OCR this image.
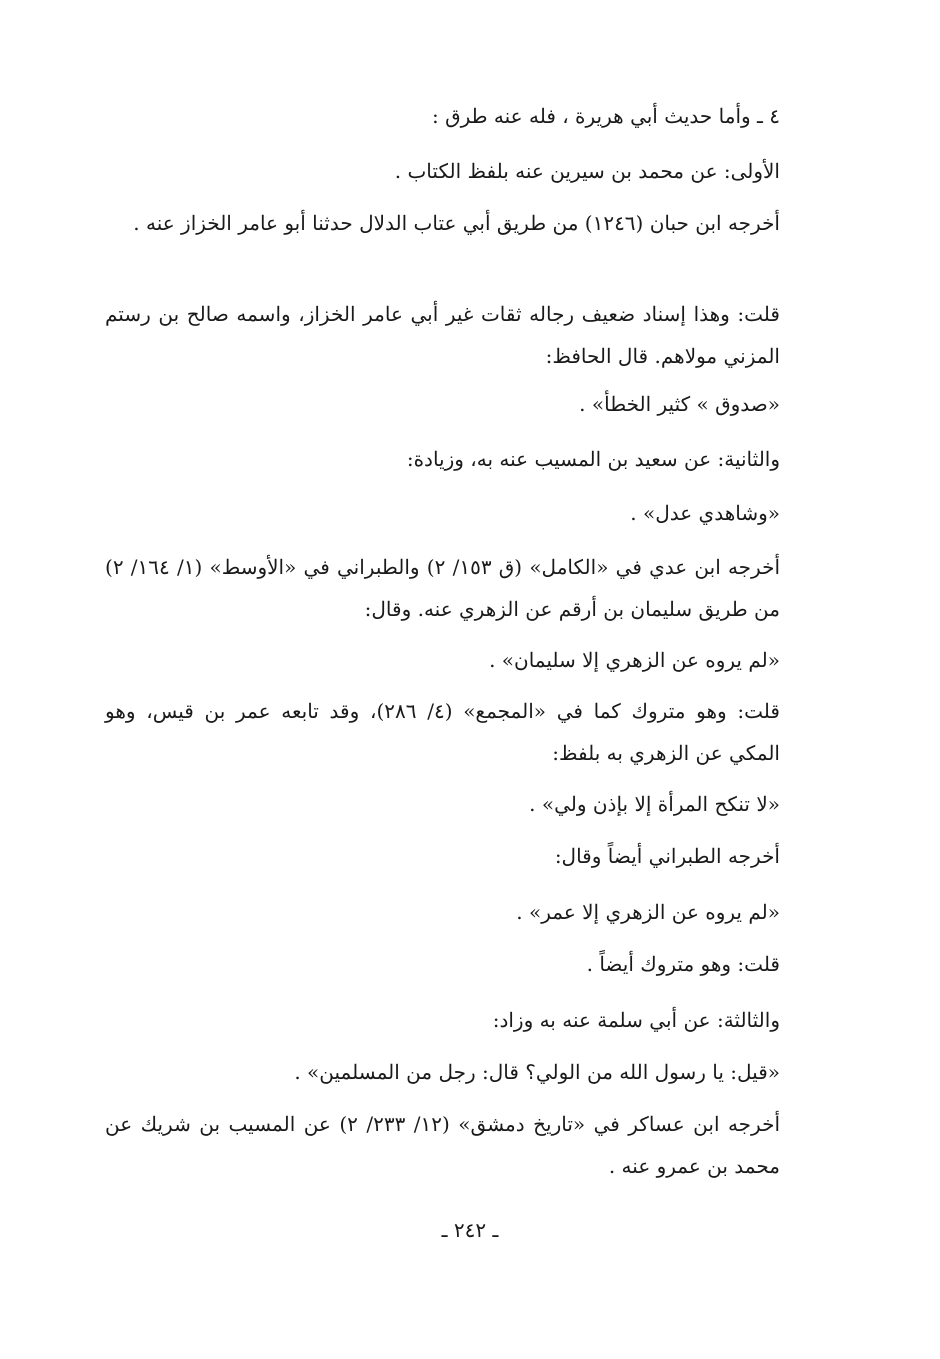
٤ ـ وأما حديث أبي هريرة ، فله عنه طرق :

الأولى: عن محمد بن سيرين عنه بلفظ الكتاب .

أخرجه ابن حبان (١٢٤٦) من طريق أبي عتاب الدلال حدثنا أبو عامر الخزاز عنه .

قلت: وهذا إسناد ضعيف رجاله ثقات غير أبي عامر الخزاز، واسمه صالح بن رستم المزني مولاهم. قال الحافظ:

«صدوق » كثير الخطأ» .

والثانية: عن سعيد بن المسيب عنه به، وزيادة:

«وشاهدي عدل» .

أخرجه ابن عدي في «الكامل» (ق ١٥٣/ ٢) والطبراني في «الأوسط» (١/ ١٦٤/ ٢) من طريق سليمان بن أرقم عن الزهري عنه. وقال:

«لم يروه عن الزهري إلا سليمان» .

قلت: وهو متروك كما في «المجمع» (٤/ ٢٨٦)، وقد تابعه عمر بن قيس، وهو المكي عن الزهري به بلفظ:

«لا تنكح المرأة إلا بإذن ولي» .

أخرجه الطبراني أيضاً وقال:

«لم يروه عن الزهري إلا عمر» .

قلت: وهو متروك أيضاً .

والثالثة: عن أبي سلمة عنه به وزاد:

«قيل: يا رسول الله من الولي؟ قال: رجل من المسلمين» .

أخرجه ابن عساكر في «تاريخ دمشق» (١٢/ ٢٣٣/ ٢) عن المسيب بن شريك عن محمد بن عمرو عنه .

ـ ٢٤٢ ـ
